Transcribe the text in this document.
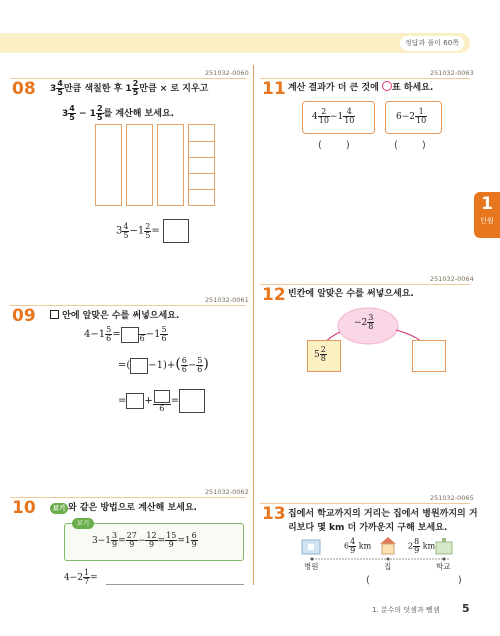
정답과 풀이 60쪽
1
단원
251032-0060
08 $3 \frac{4}{5}$ 만큼 색칠한 후 $1 \frac{2}{5}$ 만큼 × 로 지우고
$3 \frac{4}{5} - 1 \frac{2}{5}$ 를 계산해 보세요.
$3 \frac{4}{5} -1 \frac{2}{5}$ =
251032-0061
09	안에 알맞은 수를 써넣으세요.
$4-1 \frac{5}{6} = 6 -1 \frac{5}{6}$
=( $-1)+( \frac{6}{6} - \frac{5}{6}$ )
= +
6
=
251032-0062
10	보기 와 같은 방법으로 계산해 보세요.
보기
$3-1 \frac{3}{9} = \frac{27}{9} - \frac{12}{9} = \frac{15}{9} =1 \frac{6}{9}$
$4-2 \frac{1}{7}$ =
251032-0063
11 계산 결과가 더 큰 것에 ○표 하세요.
$4 \frac{2}{10} -1 \frac{4}{10}$	$6-2 \frac{1}{10}$
( )	( )
251032-0064
12 빈칸에 알맞은 수를 써넣으세요.
$-2 \frac{3}{8}$
$5 \frac{2}{8}$
251032-0065
13 집에서 학교까지의 거리는 집에서 병원까지의 거
리보다 몇 km 더 가까운지 구해 보세요.
$6 \frac{4}{9}$ km	$2 \frac{8}{9}$ km
병원	집	학교
(	)
1. 분수의 덧셈과 뺄셈 5
